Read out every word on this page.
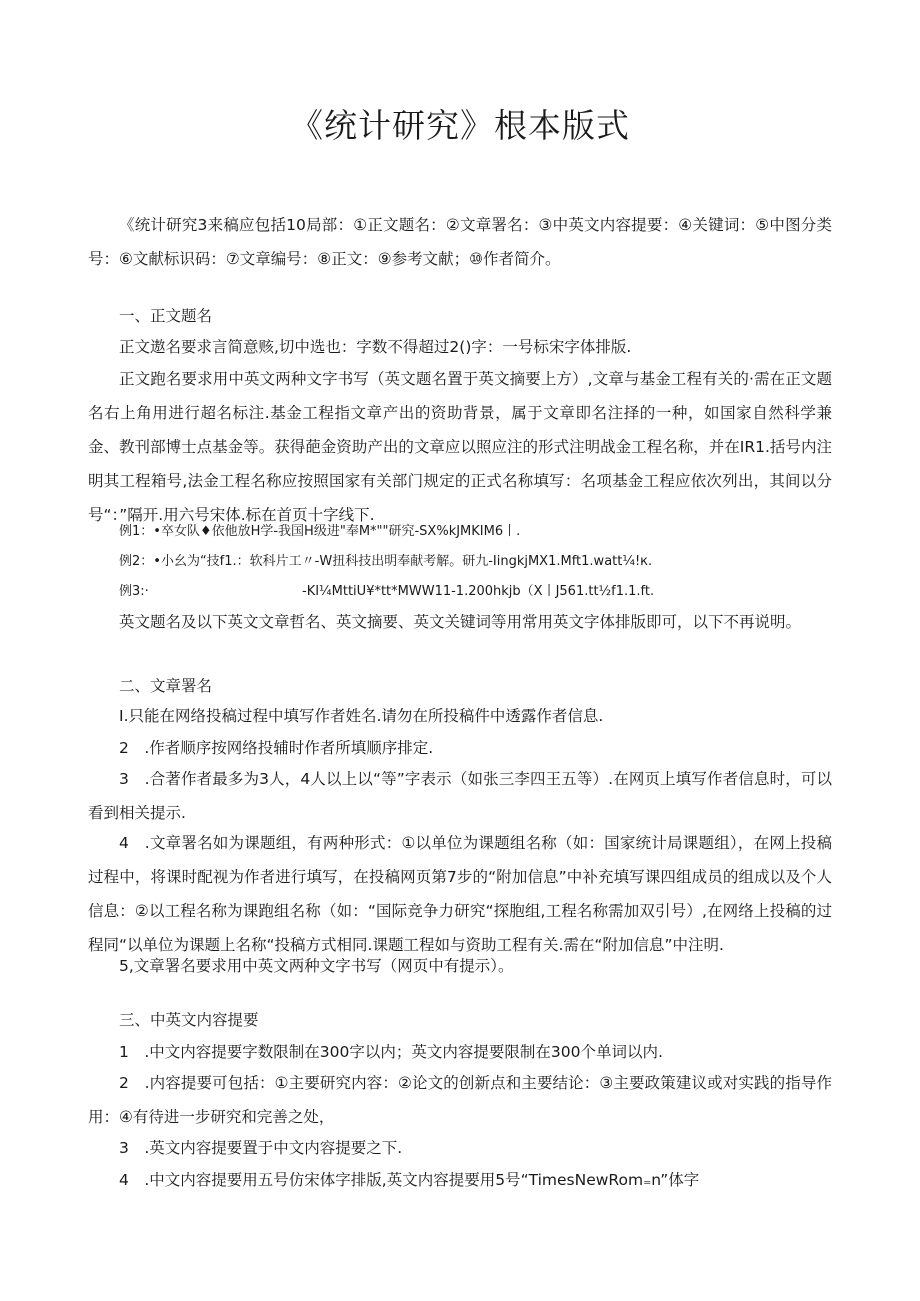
《统计研究》根本版式

《统计研究3来稿应包括10局部：①正文题名：②文章署名：③中英文内容提要：④关键词：⑤中图分类号：⑥文献标识码：⑦文章编号：⑧正文：⑨参考文献；⑩作者简介。

一、正文题名

正文遨名要求言简意赅,切中选也：字数不得超过2()字：一号标宋字体排版.

正文跑名要求用中英文两种文字书写（英文题名置于英文摘要上方）,文章与基金工程有关的·需在正文题名右上角用进行超名标注.基金工程指文章产出的资助背景，属于文章即名注择的一种，如国家自然科学兼金、教刊部博士点基金等。获得葩金资助产出的文章应以照应注的形式注明战金工程名称，并在IR1.括号内注明其工程箱号,法金工程名称应按照国家有关部门规定的正式名称填写：名项基金工程应依次列出，其间以分号“：”隔开.用六号宋体.标在首页十字线下.

例1：•卒女队♦依他放H学-我国H级进"奉M*""研究-SX%kJMKIM6丨.
例2：•小幺为“技f1.：软科片工〃-W扭科技出明奉献考解。研九-IingkjMX1.Mft1.watt¼!к.
例3:·	-KI¼MttiU¥*tt*MWW11-1.200hkjb（X丨J561.tt½f1.1.ft.
英文题名及以下英文文章哲名、英文摘要、英文关键词等用常用英文字体排版即可，以下不再说明。
二、文章署名
I.只能在网络投稿过程中填写作者姓名.请勿在所投稿件中透露作者信息.
2　.作者顺序按网络投辅时作者所填顺序排定.

3　.合著作者最多为3人，4人以上以“等”字表示（如张三李四王五等）.在网页上填写作者信息时，可以看到相关提示.

4　.文章署名如为课题组，有两种形式：①以单位为课题组名称（如：国家统计局课题组），在网上投稿过程中，将课时配视为作者进行填写，在投稿网页第7步的“附加信息”中补充填写课四组成员的组成以及个人信息：②以工程名称为课跑组名称（如：“国际竞争力研究“探胞组,工程名称需加双引号）,在网络上投稿的过程同“以单位为课题上名称“投稿方式相同.课题工程如与资助工程有关.需在“附加信息”中注明.

5,文章署名要求用中英文两种文字书写（网页中有提示）。
三、中英文内容提要
1　.中文内容提要字数限制在300字以内；英文内容提要限制在300个单词以内.

2　.内容提要可包括：①主要研究内容：②论文的创新点和主要结论：③主要政策建议或对实践的指导作用：④有待进一步研究和完善之处，

3　.英文内容提要置于中文内容提要之下.
4　.中文内容提要用五号仿宋体字排版,英文内容提要用5号“TimesNewRom₌n”体字
